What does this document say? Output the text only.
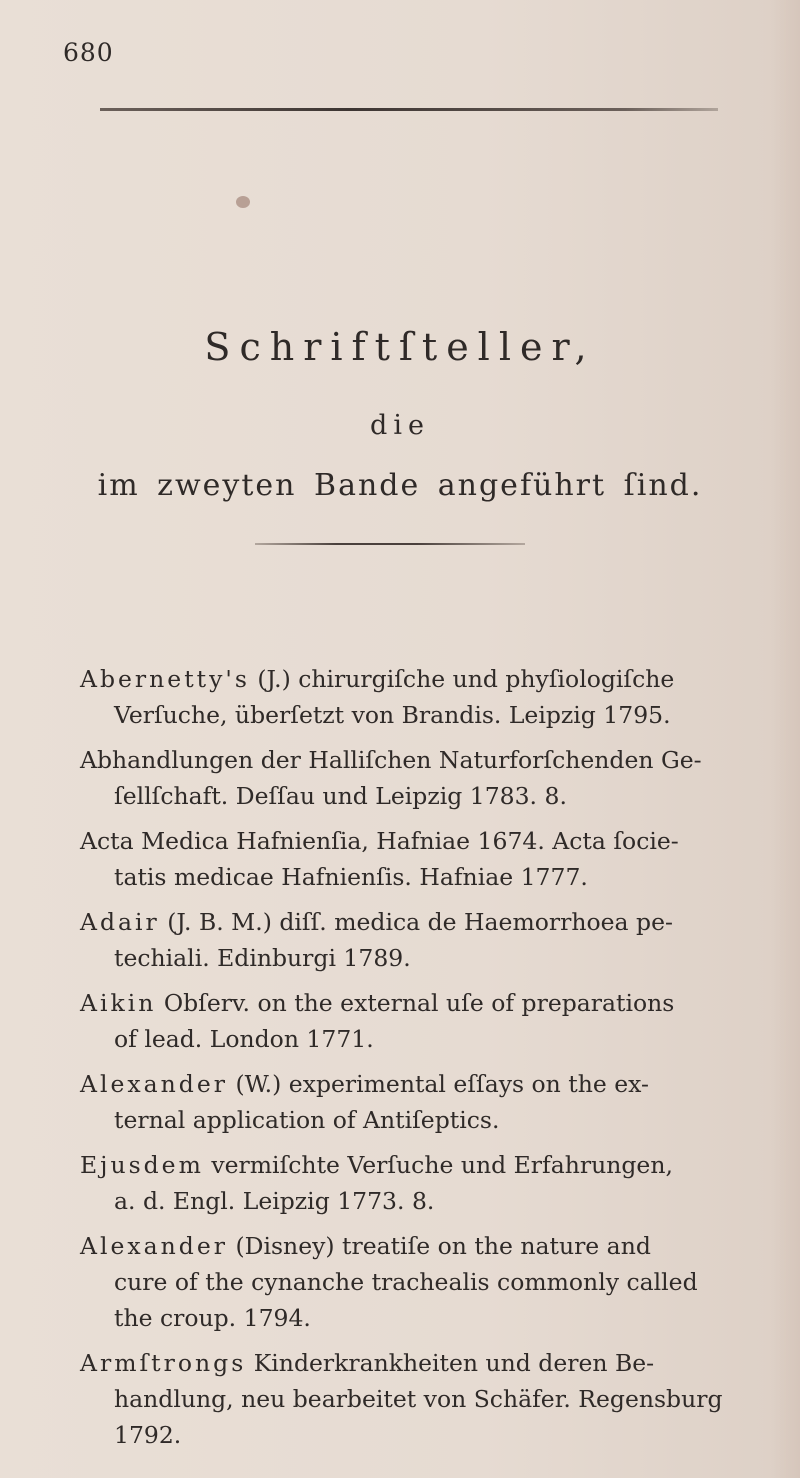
680
Schriftſteller,
die
im zweyten Bande angeführt ſind.
Abernetty's (J.) chirurgiſche und phyſiologiſche
Verſuche, überſetzt von Brandis. Leipzig 1795.
Abhandlungen der Halliſchen Naturforſchenden Ge-
ſellſchaft. Deſſau und Leipzig 1783. 8.
Acta Medica Hafnienſia, Hafniae 1674. Acta ſocie-
tatis medicae Hafnienſis. Hafniae 1777.
Adair (J. B. M.) diſſ. medica de Haemorrhoea pe-
techiali. Edinburgi 1789.
Aikin Obſerv. on the external uſe of preparations
of lead. London 1771.
Alexander (W.) experimental eſſays on the ex-
ternal application of Antiſeptics.
Ejusdem vermiſchte Verſuche und Erfahrungen,
a. d. Engl. Leipzig 1773. 8.
Alexander (Disney) treatiſe on the nature and
cure of the cynanche trachealis commonly called
the croup. 1794.
Armſtrongs Kinderkrankheiten und deren Be-
handlung, neu bearbeitet von Schäfer. Regensburg
1792.
